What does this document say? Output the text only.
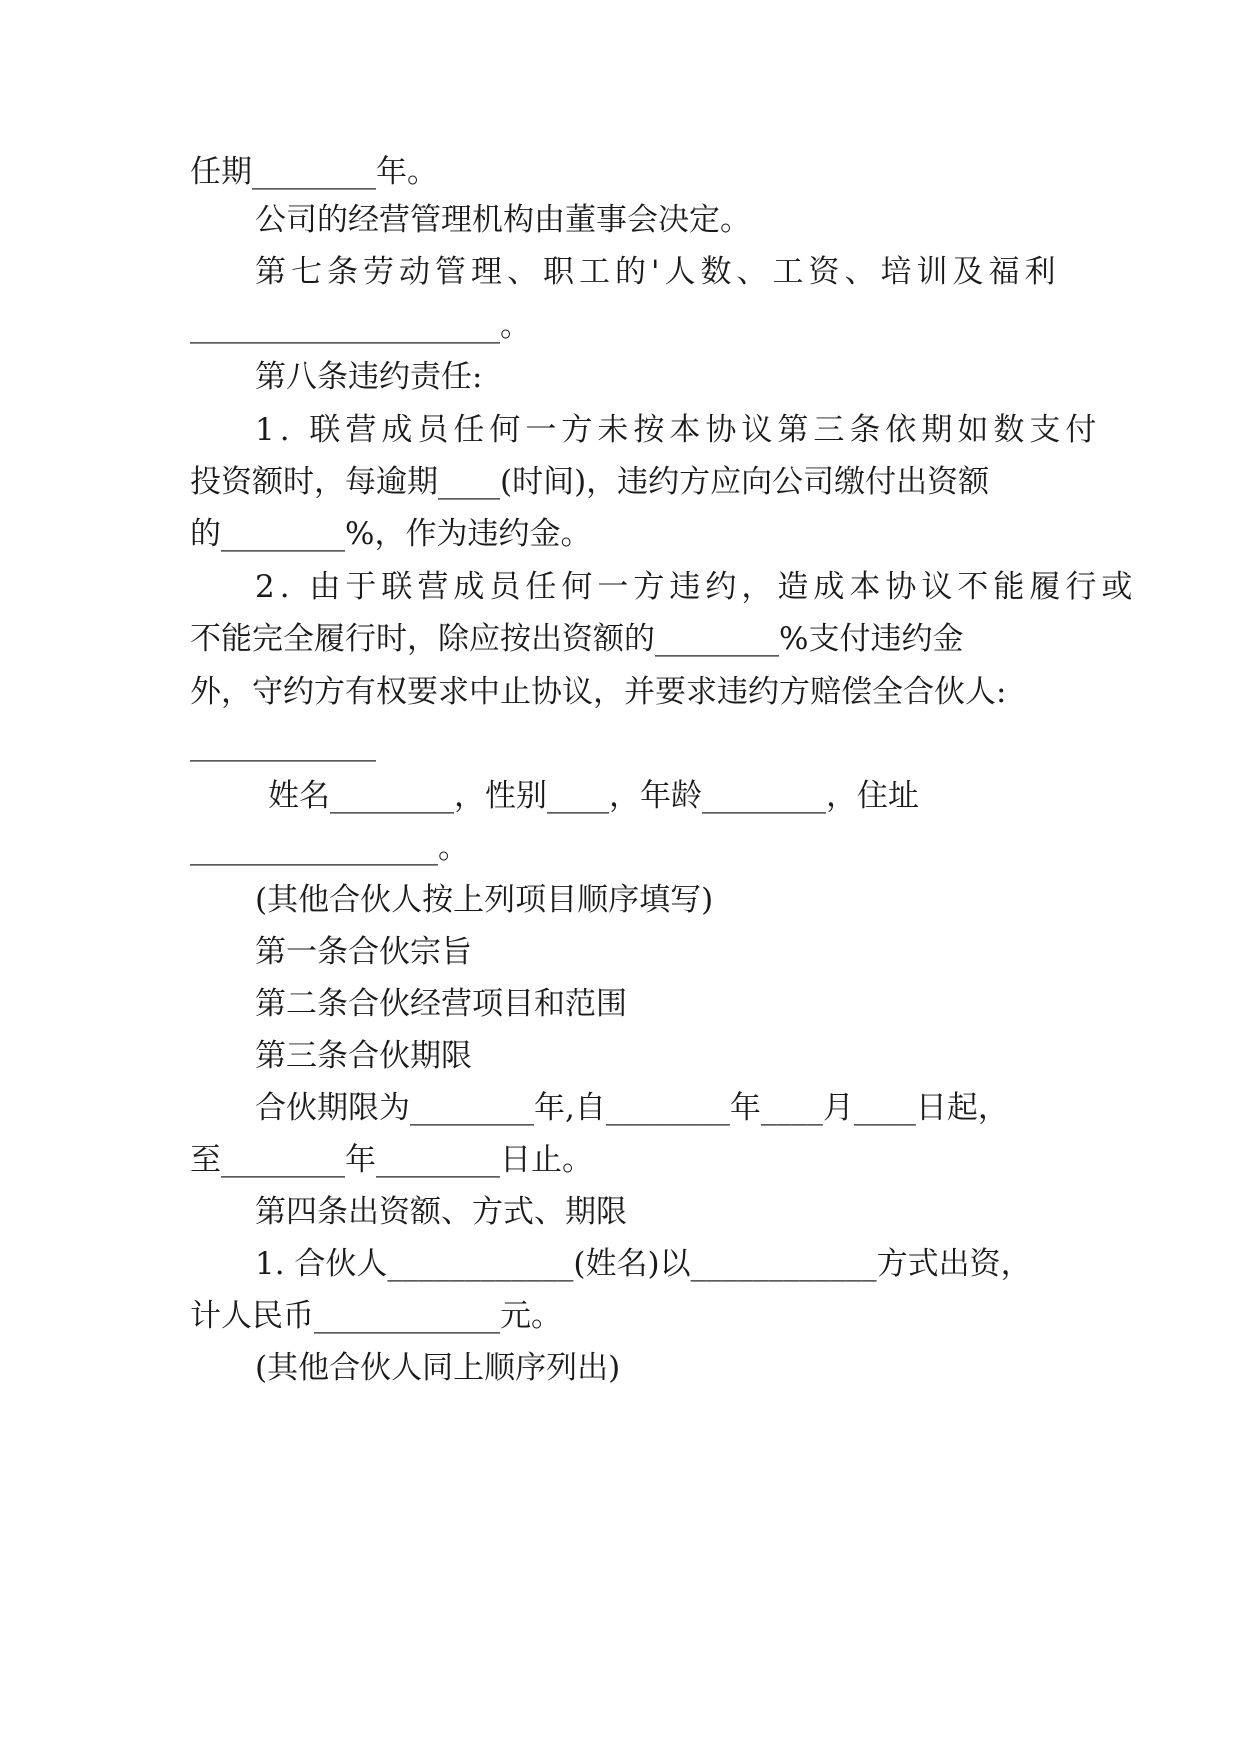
任期________年。
公司的经营管理机构由董事会决定。
第七条劳动管理、职工的'人数、工资、培训及福利
____________________。
第八条违约责任:
1. 联营成员任何一方未按本协议第三条依期如数支付
投资额时，每逾期____(时间)，违约方应向公司缴付出资额
的________%，作为违约金。
2. 由于联营成员任何一方违约，造成本协议不能履行或
不能完全履行时，除应按出资额的________%支付违约金
外，守约方有权要求中止协议，并要求违约方赔偿全合伙人:
____________
姓名________，性别____，年龄________，住址
________________。
(其他合伙人按上列项目顺序填写)
第一条合伙宗旨
第二条合伙经营项目和范围
第三条合伙期限
合伙期限为________年,自________年____月____日起，
至________年________日止。
第四条出资额、方式、期限
1. 合伙人____________(姓名)以____________方式出资，
计人民币____________元。
(其他合伙人同上顺序列出)
